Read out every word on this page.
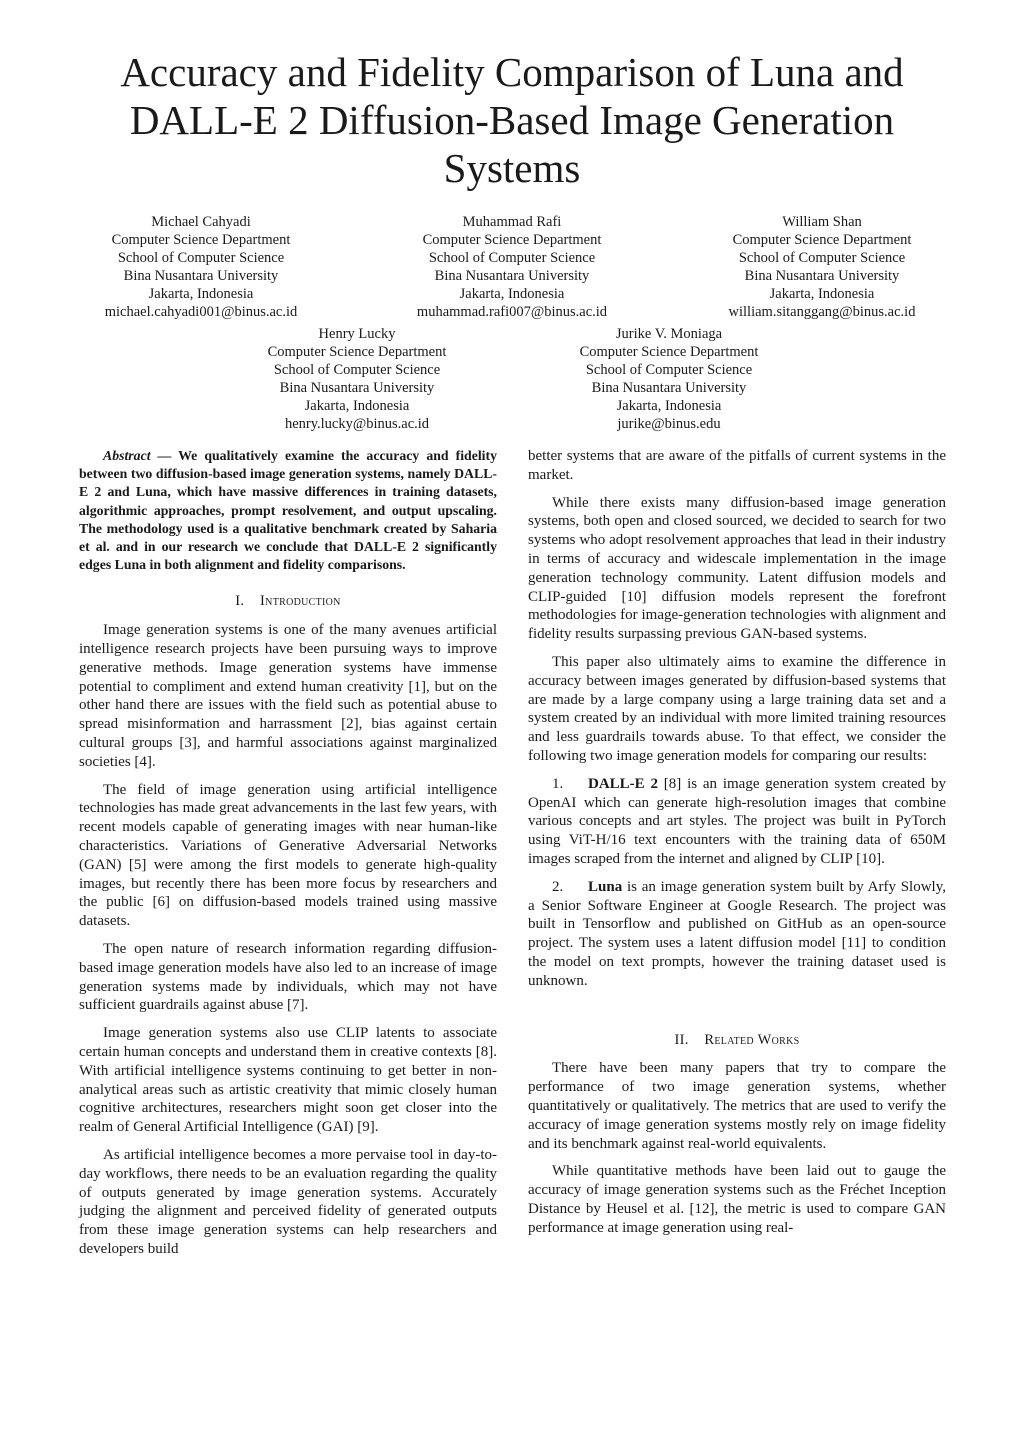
Accuracy and Fidelity Comparison of Luna and DALL-E 2 Diffusion-Based Image Generation Systems
Michael Cahyadi
Computer Science Department
School of Computer Science
Bina Nusantara University
Jakarta, Indonesia
michael.cahyadi001@binus.ac.id
Muhammad Rafi
Computer Science Department
School of Computer Science
Bina Nusantara University
Jakarta, Indonesia
muhammad.rafi007@binus.ac.id
William Shan
Computer Science Department
School of Computer Science
Bina Nusantara University
Jakarta, Indonesia
william.sitanggang@binus.ac.id
Henry Lucky
Computer Science Department
School of Computer Science
Bina Nusantara University
Jakarta, Indonesia
henry.lucky@binus.ac.id
Jurike V. Moniaga
Computer Science Department
School of Computer Science
Bina Nusantara University
Jakarta, Indonesia
jurike@binus.edu

Abstract — We qualitatively examine the accuracy and fidelity between two diffusion-based image generation systems, namely DALL-E 2 and Luna, which have massive differences in training datasets, algorithmic approaches, prompt resolvement, and output upscaling. The methodology used is a qualitative benchmark created by Saharia et al. and in our research we conclude that DALL-E 2 significantly edges Luna in both alignment and fidelity comparisons.

I. Introduction

Image generation systems is one of the many avenues artificial intelligence research projects have been pursuing ways to improve generative methods. Image generation systems have immense potential to compliment and extend human creativity [1], but on the other hand there are issues with the field such as potential abuse to spread misinformation and harrassment [2], bias against certain cultural groups [3], and harmful associations against marginalized societies [4].

The field of image generation using artificial intelligence technologies has made great advancements in the last few years, with recent models capable of generating images with near human-like characteristics. Variations of Generative Adversarial Networks (GAN) [5] were among the first models to generate high-quality images, but recently there has been more focus by researchers and the public [6] on diffusion-based models trained using massive datasets.

The open nature of research information regarding diffusion-based image generation models have also led to an increase of image generation systems made by individuals, which may not have sufficient guardrails against abuse [7].

Image generation systems also use CLIP latents to associate certain human concepts and understand them in creative contexts [8]. With artificial intelligence systems continuing to get better in non-analytical areas such as artistic creativity that mimic closely human cognitive architectures, researchers might soon get closer into the realm of General Artificial Intelligence (GAI) [9].

As artificial intelligence becomes a more pervaise tool in day-to-day workflows, there needs to be an evaluation regarding the quality of outputs generated by image generation systems. Accurately judging the alignment and perceived fidelity of generated outputs from these image generation systems can help researchers and developers build

better systems that are aware of the pitfalls of current systems in the market.

While there exists many diffusion-based image generation systems, both open and closed sourced, we decided to search for two systems who adopt resolvement approaches that lead in their industry in terms of accuracy and widescale implementation in the image generation technology community. Latent diffusion models and CLIP-guided [10] diffusion models represent the forefront methodologies for image-generation technologies with alignment and fidelity results surpassing previous GAN-based systems.

This paper also ultimately aims to examine the difference in accuracy between images generated by diffusion-based systems that are made by a large company using a large training data set and a system created by an individual with more limited training resources and less guardrails towards abuse. To that effect, we consider the following two image generation models for comparing our results:

1. DALL-E 2 [8] is an image generation system created by OpenAI which can generate high-resolution images that combine various concepts and art styles. The project was built in PyTorch using ViT-H/16 text encounters with the training data of 650M images scraped from the internet and aligned by CLIP [10].

2. Luna is an image generation system built by Arfy Slowly, a Senior Software Engineer at Google Research. The project was built in Tensorflow and published on GitHub as an open-source project. The system uses a latent diffusion model [11] to condition the model on text prompts, however the training dataset used is unknown.

II. Related Works

There have been many papers that try to compare the performance of two image generation systems, whether quantitatively or qualitatively. The metrics that are used to verify the accuracy of image generation systems mostly rely on image fidelity and its benchmark against real-world equivalents.

While quantitative methods have been laid out to gauge the accuracy of image generation systems such as the Fréchet Inception Distance by Heusel et al. [12], the metric is used to compare GAN performance at image generation using real-
